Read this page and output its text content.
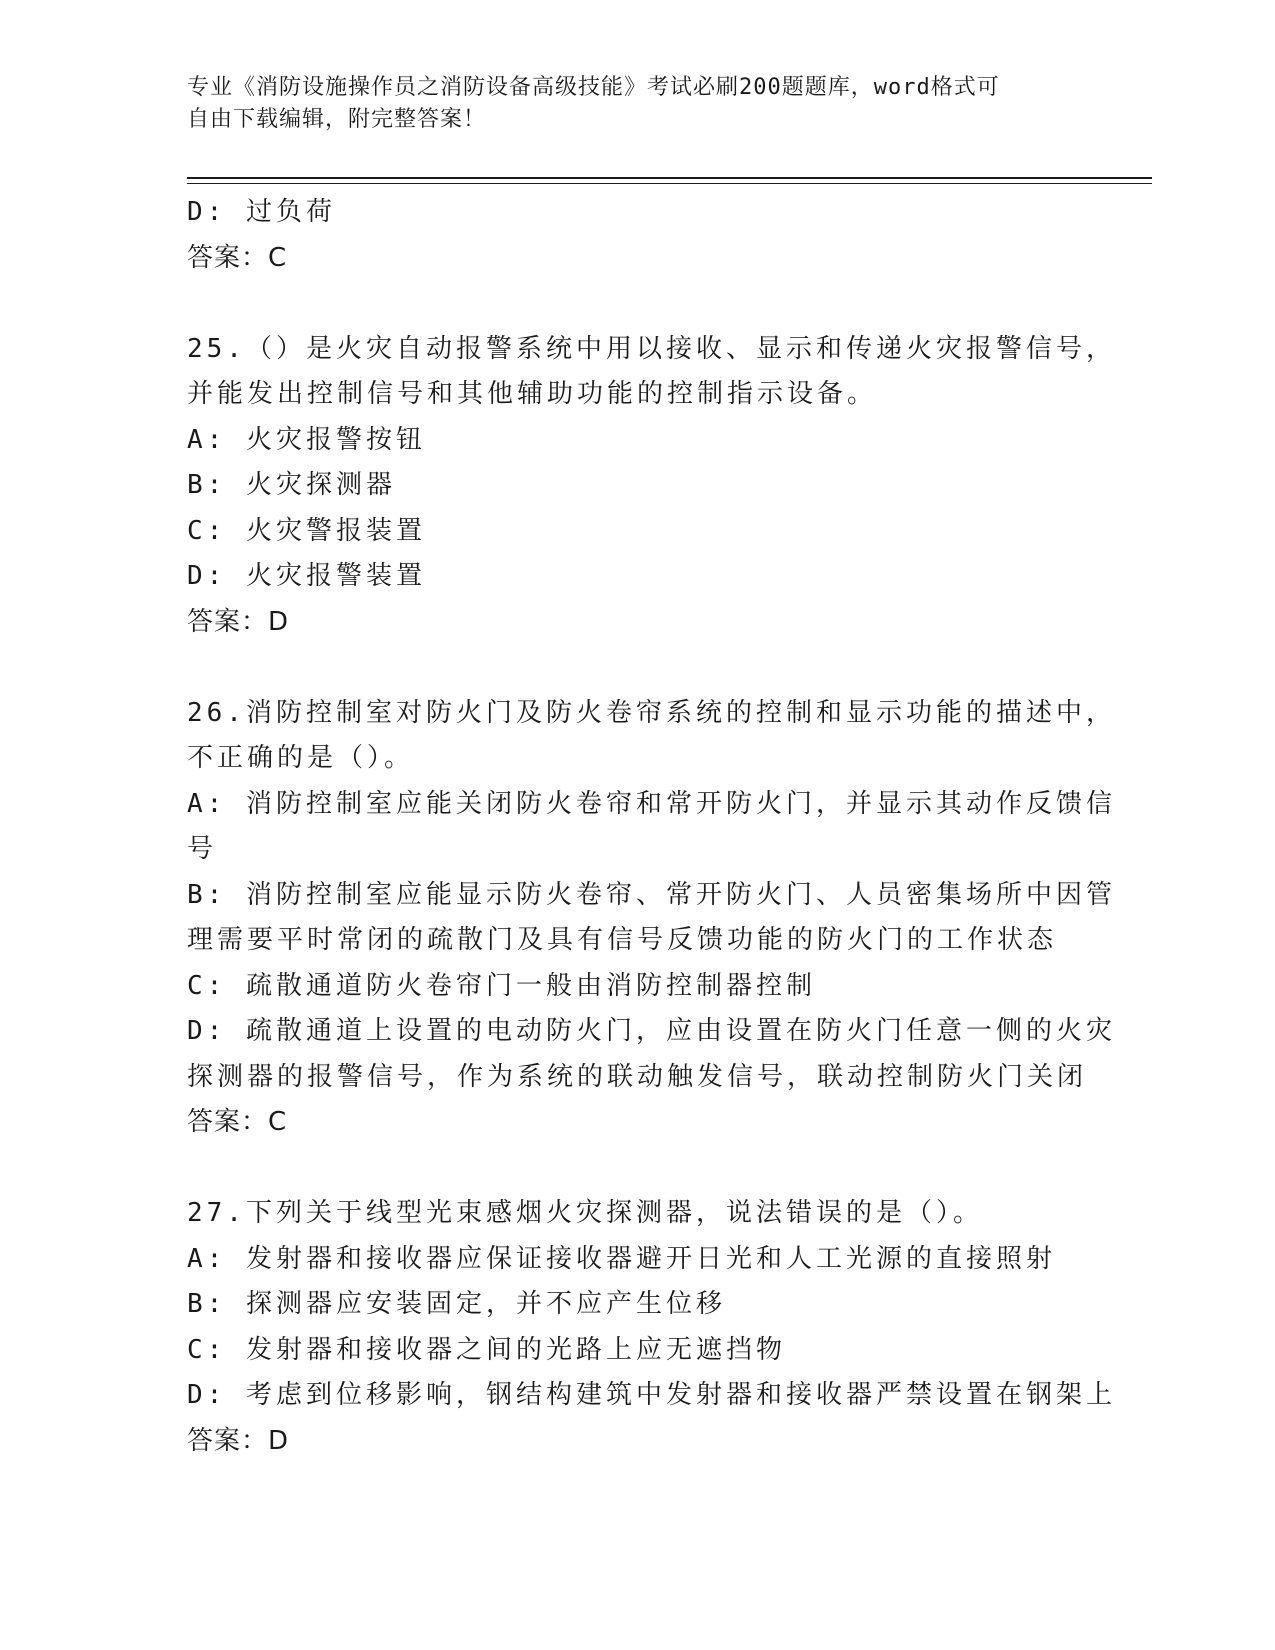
专业《消防设施操作员之消防设备高级技能》考试必刷200题题库，word格式可
自由下载编辑，附完整答案！
D: 过负荷
答案：C
25.（）是火灾自动报警系统中用以接收、显示和传递火灾报警信号，
并能发出控制信号和其他辅助功能的控制指示设备。
A: 火灾报警按钮
B: 火灾探测器
C: 火灾警报装置
D: 火灾报警装置
答案：D
26.消防控制室对防火门及防火卷帘系统的控制和显示功能的描述中，
不正确的是（）。
A: 消防控制室应能关闭防火卷帘和常开防火门，并显示其动作反馈信
号
B: 消防控制室应能显示防火卷帘、常开防火门、人员密集场所中因管
理需要平时常闭的疏散门及具有信号反馈功能的防火门的工作状态
C: 疏散通道防火卷帘门一般由消防控制器控制
D: 疏散通道上设置的电动防火门，应由设置在防火门任意一侧的火灾
探测器的报警信号，作为系统的联动触发信号，联动控制防火门关闭
答案：C
27.下列关于线型光束感烟火灾探测器，说法错误的是（）。
A: 发射器和接收器应保证接收器避开日光和人工光源的直接照射
B: 探测器应安装固定，并不应产生位移
C: 发射器和接收器之间的光路上应无遮挡物
D: 考虑到位移影响，钢结构建筑中发射器和接收器严禁设置在钢架上
答案：D
